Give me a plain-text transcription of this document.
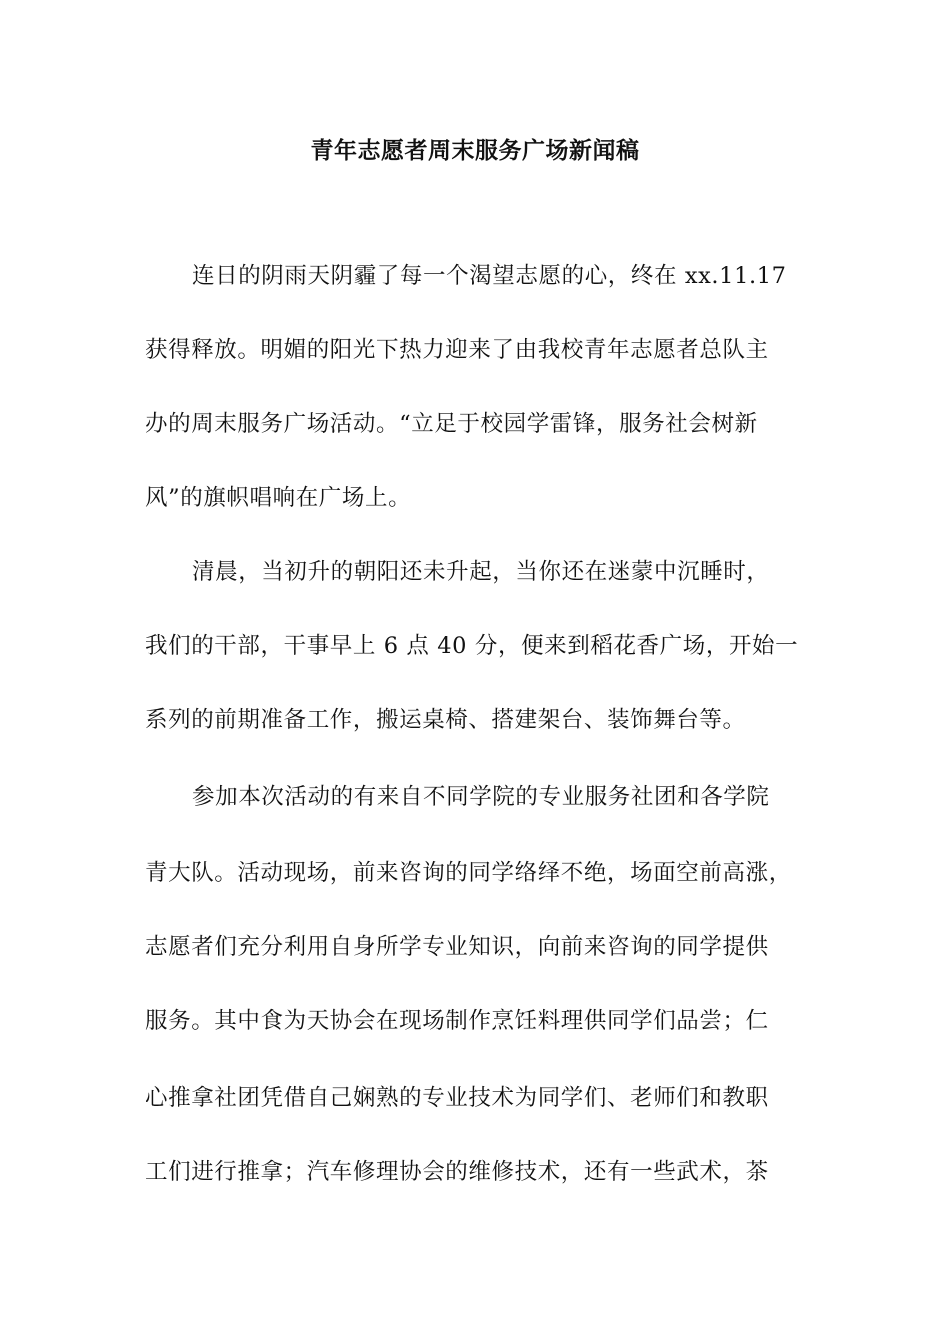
青年志愿者周末服务广场新闻稿
连日的阴雨天阴霾了每一个渴望志愿的心，终在 xx.11.17
获得释放。明媚的阳光下热力迎来了由我校青年志愿者总队主
办的周末服务广场活动。“立足于校园学雷锋，服务社会树新
风”的旗帜唱响在广场上。
清晨，当初升的朝阳还未升起，当你还在迷蒙中沉睡时，
我们的干部，干事早上 6 点 40 分，便来到稻花香广场，开始一
系列的前期准备工作，搬运桌椅、搭建架台、装饰舞台等。
参加本次活动的有来自不同学院的专业服务社团和各学院
青大队。活动现场，前来咨询的同学络绎不绝，场面空前高涨，
志愿者们充分利用自身所学专业知识，向前来咨询的同学提供
服务。其中食为天协会在现场制作烹饪料理供同学们品尝；仁
心推拿社团凭借自己娴熟的专业技术为同学们、老师们和教职
工们进行推拿；汽车修理协会的维修技术，还有一些武术，茶
